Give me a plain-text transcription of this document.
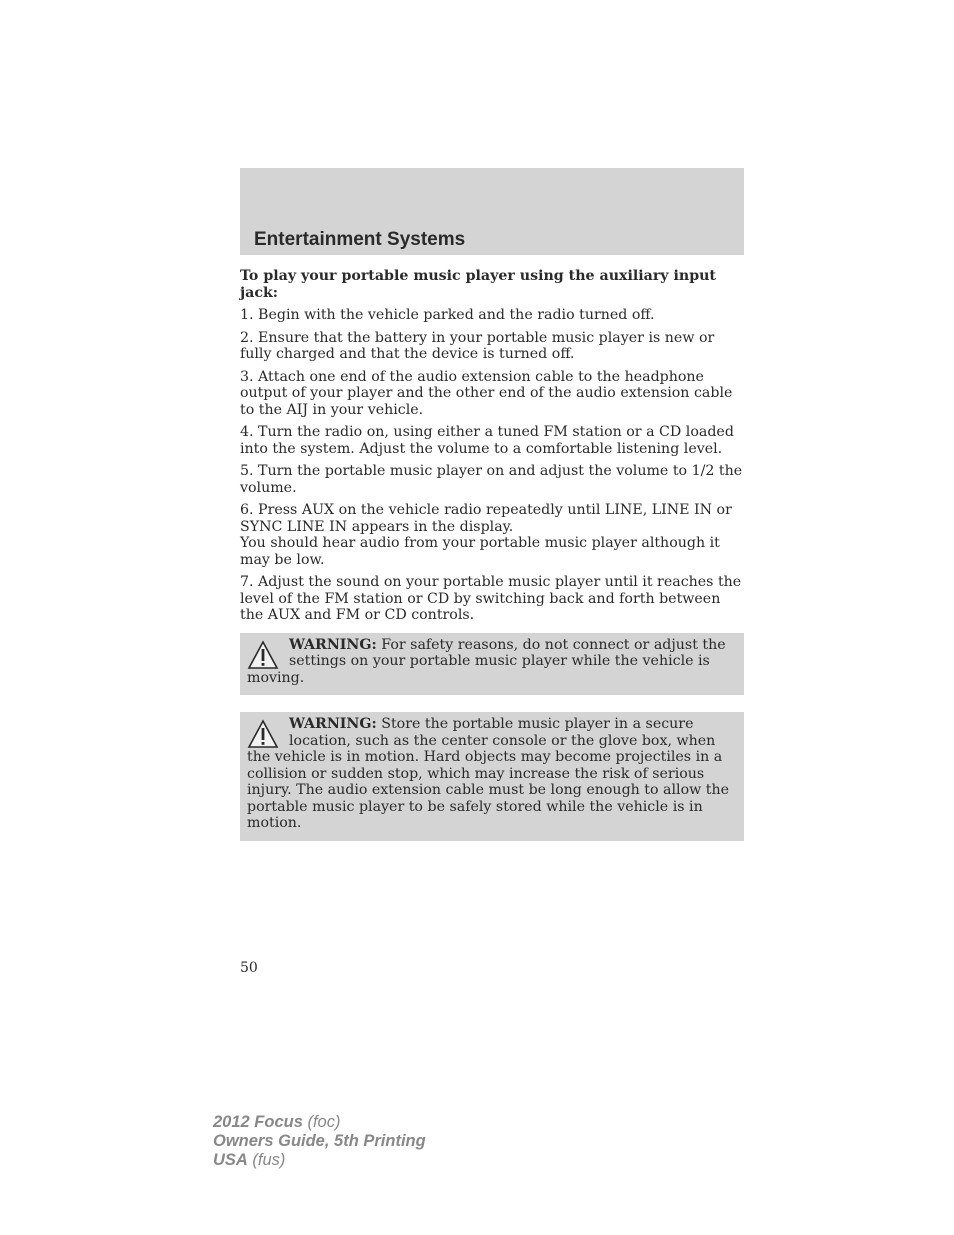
Entertainment Systems

To play your portable music player using the auxiliary input jack:

1. Begin with the vehicle parked and the radio turned off.

2. Ensure that the battery in your portable music player is new or fully charged and that the device is turned off.

3. Attach one end of the audio extension cable to the headphone output of your player and the other end of the audio extension cable to the AIJ in your vehicle.

4. Turn the radio on, using either a tuned FM station or a CD loaded into the system. Adjust the volume to a comfortable listening level.

5. Turn the portable music player on and adjust the volume to 1/2 the volume.

6. Press AUX on the vehicle radio repeatedly until LINE, LINE IN or SYNC LINE IN appears in the display.

You should hear audio from your portable music player although it may be low.

7. Adjust the sound on your portable music player until it reaches the level of the FM station or CD by switching back and forth between the AUX and FM or CD controls.

WARNING: For safety reasons, do not connect or adjust the settings on your portable music player while the vehicle is moving.
WARNING: Store the portable music player in a secure location, such as the center console or the glove box, when the vehicle is in motion. Hard objects may become projectiles in a collision or sudden stop, which may increase the risk of serious injury. The audio extension cable must be long enough to allow the portable music player to be safely stored while the vehicle is in motion.
50
2012 Focus (foc)
Owners Guide, 5th Printing
USA (fus)
